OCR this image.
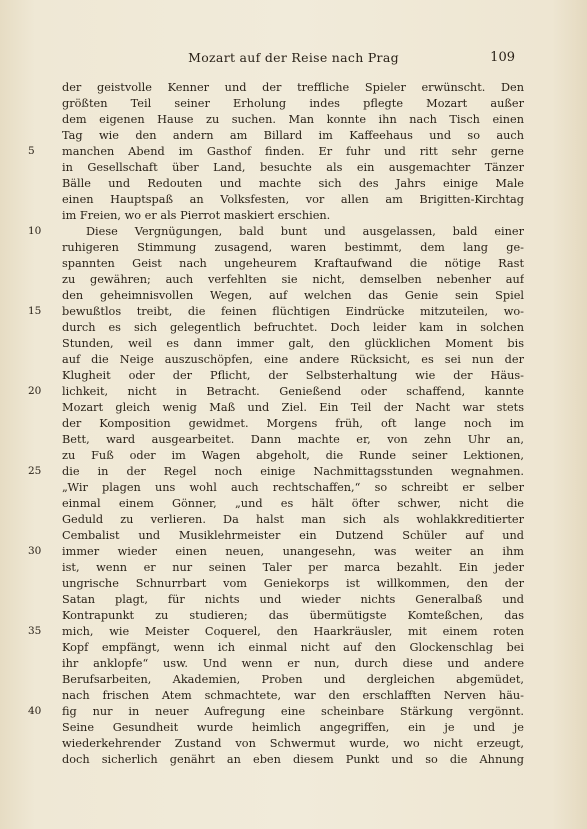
Mozart auf der Reise nach Prag	109
der geistvolle Kenner und der treffliche Spieler erwünscht. Den
größten Teil seiner Erholung indes pflegte Mozart außer
dem eigenen Hause zu suchen. Man konnte ihn nach Tisch einen
Tag wie den andern am Billard im Kaffeehaus und so auch
5	manchen Abend im Gasthof finden. Er fuhr und ritt sehr gerne
in Gesellschaft über Land, besuchte als ein ausgemachter Tänzer
Bälle und Redouten und machte sich des Jahrs einige Male
einen Hauptspaß an Volksfesten, vor allen am Brigitten-Kirchtag
im Freien, wo er als Pierrot maskiert erschien.
10	Diese Vergnügungen, bald bunt und ausgelassen, bald einer
ruhigeren Stimmung zusagend, waren bestimmt, dem lang ge-
spannten Geist nach ungeheurem Kraftaufwand die nötige Rast
zu gewähren; auch verfehlten sie nicht, demselben nebenher auf
den geheimnisvollen Wegen, auf welchen das Genie sein Spiel
15	bewußtlos treibt, die feinen flüchtigen Eindrücke mitzuteilen, wo-
durch es sich gelegentlich befruchtet. Doch leider kam in solchen
Stunden, weil es dann immer galt, den glücklichen Moment bis
auf die Neige auszuschöpfen, eine andere Rücksicht, es sei nun der
Klugheit oder der Pflicht, der Selbsterhaltung wie der Häus-
20	lichkeit, nicht in Betracht. Genießend oder schaffend, kannte
Mozart gleich wenig Maß und Ziel. Ein Teil der Nacht war stets
der Komposition gewidmet. Morgens früh, oft lange noch im
Bett, ward ausgearbeitet. Dann machte er, von zehn Uhr an,
zu Fuß oder im Wagen abgeholt, die Runde seiner Lektionen,
25	die in der Regel noch einige Nachmittagsstunden wegnahmen.
„Wir plagen uns wohl auch rechtschaffen,“ so schreibt er selber
einmal einem Gönner, „und es hält öfter schwer, nicht die
Geduld zu verlieren. Da halst man sich als wohlakkreditierter
Cembalist und Musiklehrmeister ein Dutzend Schüler auf und
30	immer wieder einen neuen, unangesehn, was weiter an ihm
ist, wenn er nur seinen Taler per marca bezahlt. Ein jeder
ungrische Schnurrbart vom Geniekorps ist willkommen, den der
Satan plagt, für nichts und wieder nichts Generalbaß und
Kontrapunkt zu studieren; das übermütigste Komteßchen, das
35	mich, wie Meister Coquerel, den Haarkräusler, mit einem roten
Kopf empfängt, wenn ich einmal nicht auf den Glockenschlag bei
ihr anklopfe“ usw. Und wenn er nun, durch diese und andere
Berufsarbeiten, Akademien, Proben und dergleichen abgemüdet,
nach frischen Atem schmachtete, war den erschlafften Nerven häu-
40	fig nur in neuer Aufregung eine scheinbare Stärkung vergönnt.
Seine Gesundheit wurde heimlich angegriffen, ein je und je
wiederkehrender Zustand von Schwermut wurde, wo nicht erzeugt,
doch sicherlich genährt an eben diesem Punkt und so die Ahnung
